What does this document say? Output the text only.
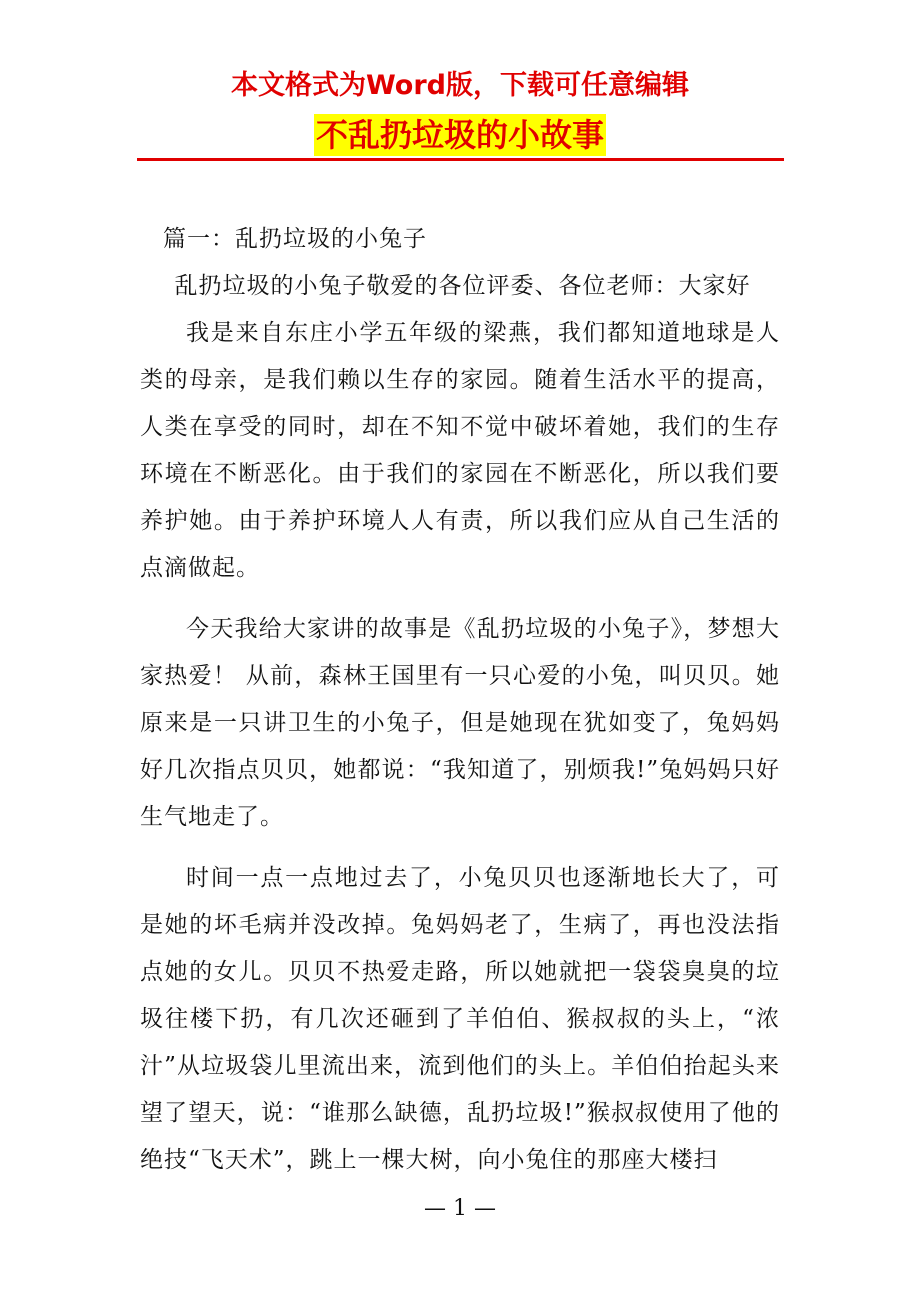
本文格式为Word版，下载可任意编辑
不乱扔垃圾的小故事

篇一：乱扔垃圾的小兔子

乱扔垃圾的小兔子敬爱的各位评委、各位老师：大家好

我是来自东庄小学五年级的梁燕，我们都知道地球是人类的母亲，是我们赖以生存的家园。随着生活水平的提高，人类在享受的同时，却在不知不觉中破坏着她，我们的生存环境在不断恶化。由于我们的家园在不断恶化，所以我们要养护她。由于养护环境人人有责，所以我们应从自己生活的点滴做起。

今天我给大家讲的故事是《乱扔垃圾的小兔子》，梦想大家热爱！ 从前，森林王国里有一只心爱的小兔，叫贝贝。她原来是一只讲卫生的小兔子，但是她现在犹如变了，兔妈妈好几次指点贝贝，她都说：“我知道了，别烦我!”兔妈妈只好生气地走了。

时间一点一点地过去了，小兔贝贝也逐渐地长大了，可是她的坏毛病并没改掉。兔妈妈老了，生病了，再也没法指点她的女儿。贝贝不热爱走路，所以她就把一袋袋臭臭的垃圾往楼下扔，有几次还砸到了羊伯伯、猴叔叔的头上，“浓汁”从垃圾袋儿里流出来，流到他们的头上。羊伯伯抬起头来望了望天，说：“谁那么缺德，乱扔垃圾!”猴叔叔使用了他的绝技“飞天术”，跳上一棵大树，向小兔住的那座大楼扫

— 1 —
